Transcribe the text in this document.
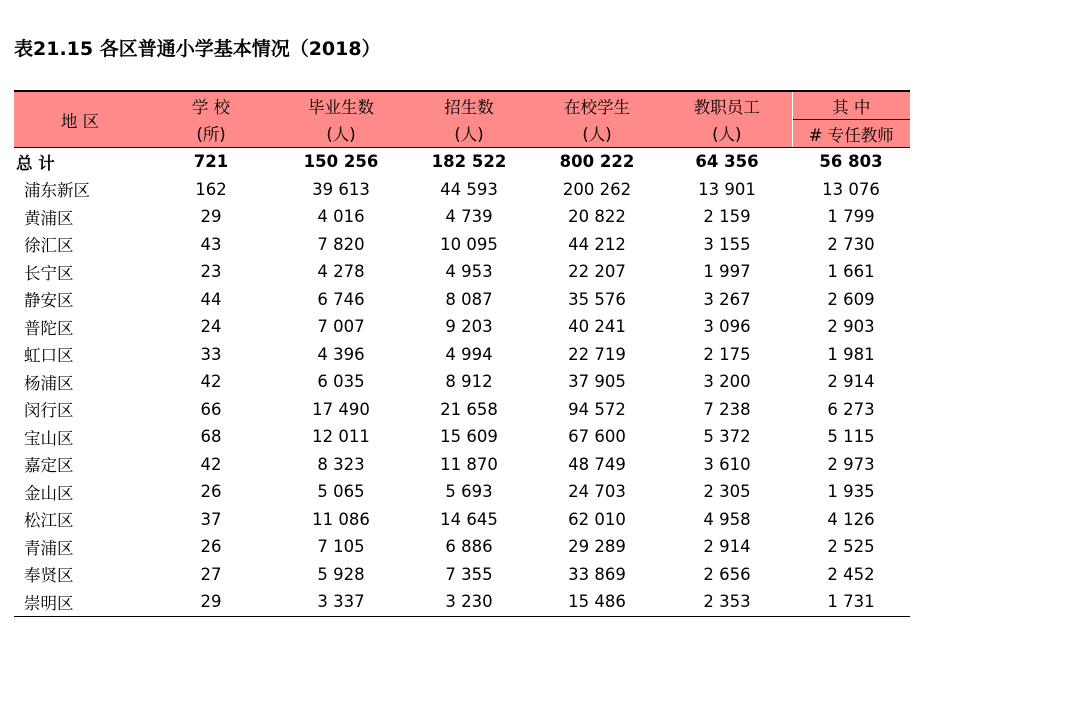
表21.15 各区普通小学基本情况（2018）
地 区	学 校	毕业生数	招生数	在校学生	教职员工	其 中
	(所)	(人)	(人)	(人)	(人)	# 专任教师
总 计	721	150 256	182 522	800 222	64 356	56 803
浦东新区	162	39 613	44 593	200 262	13 901	13 076
黄浦区	29	4 016	4 739	20 822	2 159	1 799
徐汇区	43	7 820	10 095	44 212	3 155	2 730
长宁区	23	4 278	4 953	22 207	1 997	1 661
静安区	44	6 746	8 087	35 576	3 267	2 609
普陀区	24	7 007	9 203	40 241	3 096	2 903
虹口区	33	4 396	4 994	22 719	2 175	1 981
杨浦区	42	6 035	8 912	37 905	3 200	2 914
闵行区	66	17 490	21 658	94 572	7 238	6 273
宝山区	68	12 011	15 609	67 600	5 372	5 115
嘉定区	42	8 323	11 870	48 749	3 610	2 973
金山区	26	5 065	5 693	24 703	2 305	1 935
松江区	37	11 086	14 645	62 010	4 958	4 126
青浦区	26	7 105	6 886	29 289	2 914	2 525
奉贤区	27	5 928	7 355	33 869	2 656	2 452
崇明区	29	3 337	3 230	15 486	2 353	1 731
